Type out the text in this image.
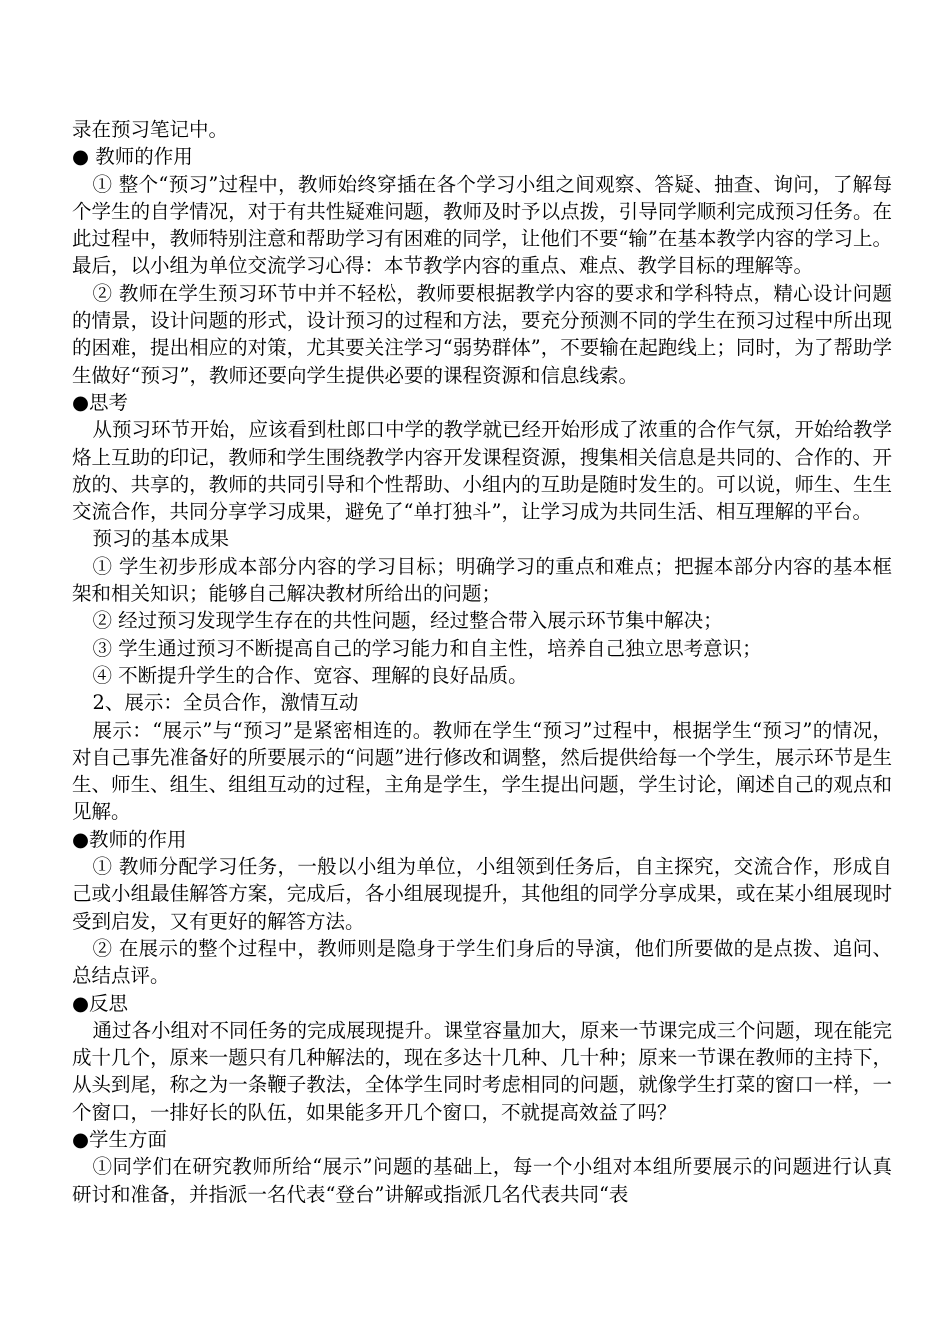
录在预习笔记中。

● 教师的作用

① 整个“预习”过程中，教师始终穿插在各个学习小组之间观察、答疑、抽查、询问，了解每个学生的自学情况，对于有共性疑难问题，教师及时予以点拨，引导同学顺利完成预习任务。在此过程中，教师特别注意和帮助学习有困难的同学，让他们不要“输”在基本教学内容的学习上。最后，以小组为单位交流学习心得：本节教学内容的重点、难点、教学目标的理解等。

② 教师在学生预习环节中并不轻松，教师要根据教学内容的要求和学科特点，精心设计问题的情景，设计问题的形式，设计预习的过程和方法，要充分预测不同的学生在预习过程中所出现的困难，提出相应的对策，尤其要关注学习“弱势群体”，不要输在起跑线上；同时，为了帮助学生做好“预习”，教师还要向学生提供必要的课程资源和信息线索。

●思考

从预习环节开始，应该看到杜郎口中学的教学就已经开始形成了浓重的合作气氛，开始给教学烙上互助的印记，教师和学生围绕教学内容开发课程资源，搜集相关信息是共同的、合作的、开放的、共享的，教师的共同引导和个性帮助、小组内的互助是随时发生的。可以说，师生、生生交流合作，共同分享学习成果，避免了“单打独斗”，让学习成为共同生活、相互理解的平台。

预习的基本成果

① 学生初步形成本部分内容的学习目标；明确学习的重点和难点；把握本部分内容的基本框架和相关知识；能够自己解决教材所给出的问题；

② 经过预习发现学生存在的共性问题，经过整合带入展示环节集中解决；

③ 学生通过预习不断提高自己的学习能力和自主性，培养自己独立思考意识；

④ 不断提升学生的合作、宽容、理解的良好品质。

2、展示：全员合作，激情互动

展示：“展示”与“预习”是紧密相连的。教师在学生“预习”过程中，根据学生“预习”的情况，对自己事先准备好的所要展示的“问题”进行修改和调整，然后提供给每一个学生，展示环节是生生、师生、组生、组组互动的过程，主角是学生，学生提出问题，学生讨论，阐述自己的观点和见解。

●教师的作用

① 教师分配学习任务，一般以小组为单位，小组领到任务后，自主探究，交流合作，形成自己或小组最佳解答方案，完成后，各小组展现提升，其他组的同学分享成果，或在某小组展现时受到启发，又有更好的解答方法。

② 在展示的整个过程中，教师则是隐身于学生们身后的导演，他们所要做的是点拨、追问、总结点评。

●反思

通过各小组对不同任务的完成展现提升。课堂容量加大，原来一节课完成三个问题，现在能完成十几个，原来一题只有几种解法的，现在多达十几种、几十种；原来一节课在教师的主持下，从头到尾，称之为一条鞭子教法，全体学生同时考虑相同的问题，就像学生打菜的窗口一样，一个窗口，一排好长的队伍，如果能多开几个窗口，不就提高效益了吗？

●学生方面

①同学们在研究教师所给“展示”问题的基础上，每一个小组对本组所要展示的问题进行认真研讨和准备，并指派一名代表“登台”讲解或指派几名代表共同“表
